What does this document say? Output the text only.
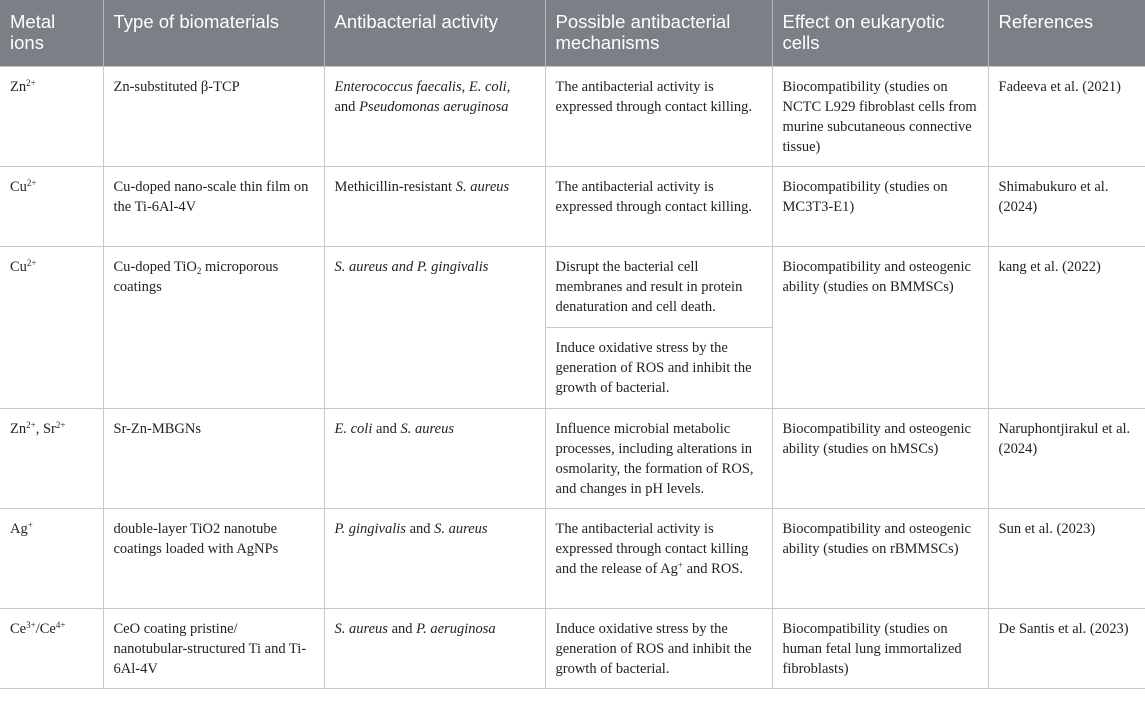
Metal ions	Type of biomaterials	Antibacterial activity	Possible antibacterial mechanisms	Effect on eukaryotic cells	References
$Zn^{2+}$	Zn-substituted β-TCP	Enterococcus faecalis, E. coli, and Pseudomonas aeruginosa	The antibacterial activity is expressed through contact killing.	Biocompatibility (studies on NCTC L929 fibroblast cells from murine subcutaneous connective tissue)	Fadeeva et al. (2021)
$Cu^{2+}$	Cu-doped nano-scale thin film on the Ti-6Al-4V	Methicillin-resistant S. aureus	The antibacterial activity is expressed through contact killing.	Biocompatibility (studies on MC3T3-E1)	Shimabukuro et al. (2024)
$Cu^{2+}$	Cu-doped TiO$_2$ microporous coatings	S. aureus and P. gingivalis	Disrupt the bacterial cell membranes and result in protein denaturation and cell death.	Biocompatibility and osteogenic ability (studies on BMMSCs)	kang et al. (2022)
			Induce oxidative stress by the generation of ROS and inhibit the growth of bacterial.		
$Zn^{2+}$, $Sr^{2+}$	Sr-Zn-MBGNs	E. coli and S. aureus	Influence microbial metabolic processes, including alterations in osmolarity, the formation of ROS, and changes in pH levels.	Biocompatibility and osteogenic ability (studies on hMSCs)	Naruphontjirakul et al. (2024)
Ag+	double-layer TiO2 nanotube coatings loaded with AgNPs	P. gingivalis and S. aureus	The antibacterial activity is expressed through contact killing and the release of Ag+ and ROS.	Biocompatibility and osteogenic ability (studies on rBMMSCs)	Sun et al. (2023)
$Ce^{3+}/Ce^{4+}$	CeO coating pristine/ nanotubular-structured Ti and Ti-6Al-4V	S. aureus and P. aeruginosa	Induce oxidative stress by the generation of ROS and inhibit the growth of bacterial.	Biocompatibility (studies on human fetal lung immortalized fibroblasts)	De Santis et al. (2023)
